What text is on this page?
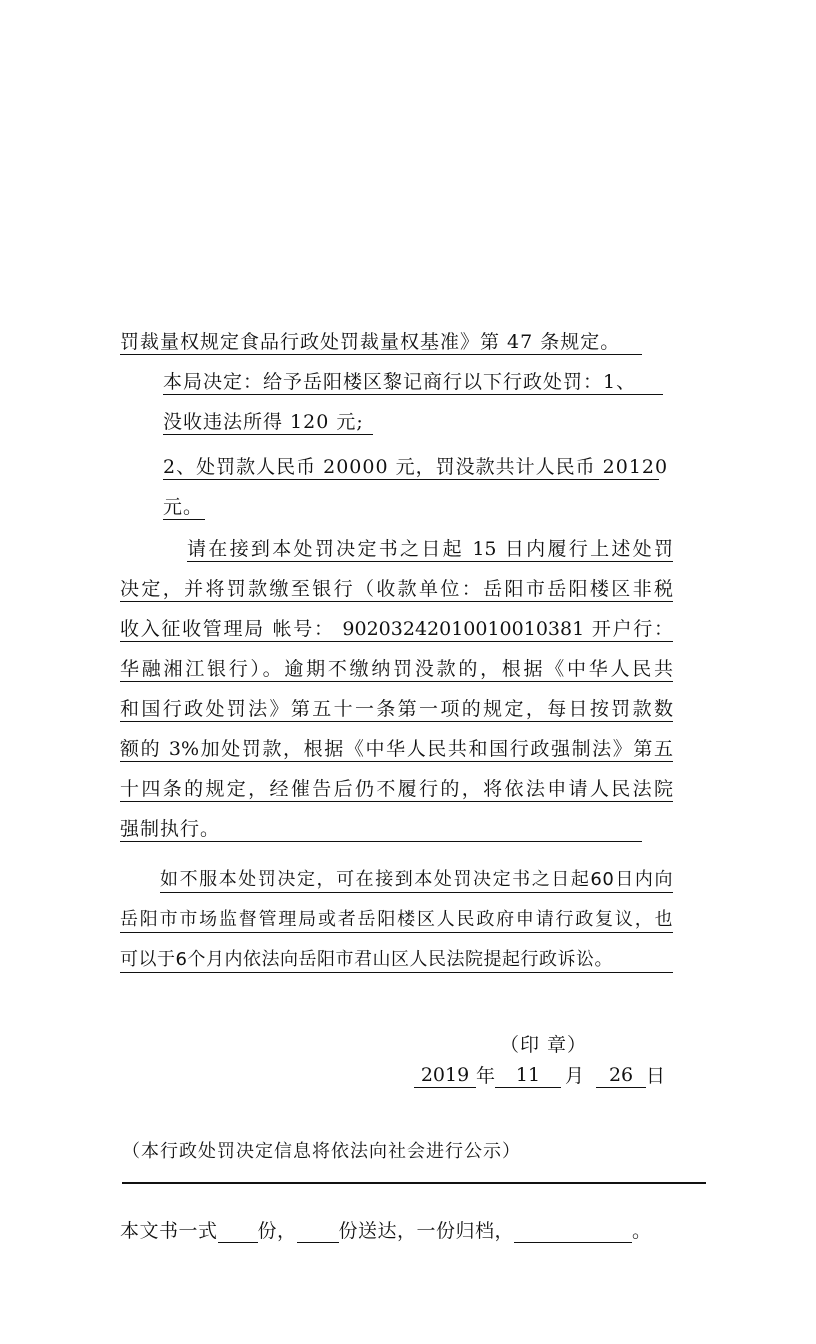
罚裁量权规定食品行政处罚裁量权基准》第 47 条规定。
本局决定：给予岳阳楼区黎记商行以下行政处罚：1、
没收违法所得 120 元;
2、处罚款人民币 20000 元，罚没款共计人民币 20120
元。
请在接到本处罚决定书之日起 15 日内履行上述处罚
决定，并将罚款缴至银行（收款单位：岳阳市岳阳楼区非税
收入征收管理局 帐号： 90203242010010010381 开户行：
华融湘江银行）。逾期不缴纳罚没款的，根据《中华人民共
和国行政处罚法》第五十一条第一项的规定，每日按罚款数
额的 3%加处罚款，根据《中华人民共和国行政强制法》第五
十四条的规定，经催告后仍不履行的，将依法申请人民法院
强制执行。
如不服本处罚决定，可在接到本处罚决定书之日起60日内向
岳阳市市场监督管理局或者岳阳楼区人民政府申请行政复议，也
可以于6个月内依法向岳阳市君山区人民法院提起行政诉讼。
（印 章）
2019 年 11 月 26 日
（本行政处罚决定信息将依法向社会进行公示）
本文书一式 份， 份送达，一份归档，	。
